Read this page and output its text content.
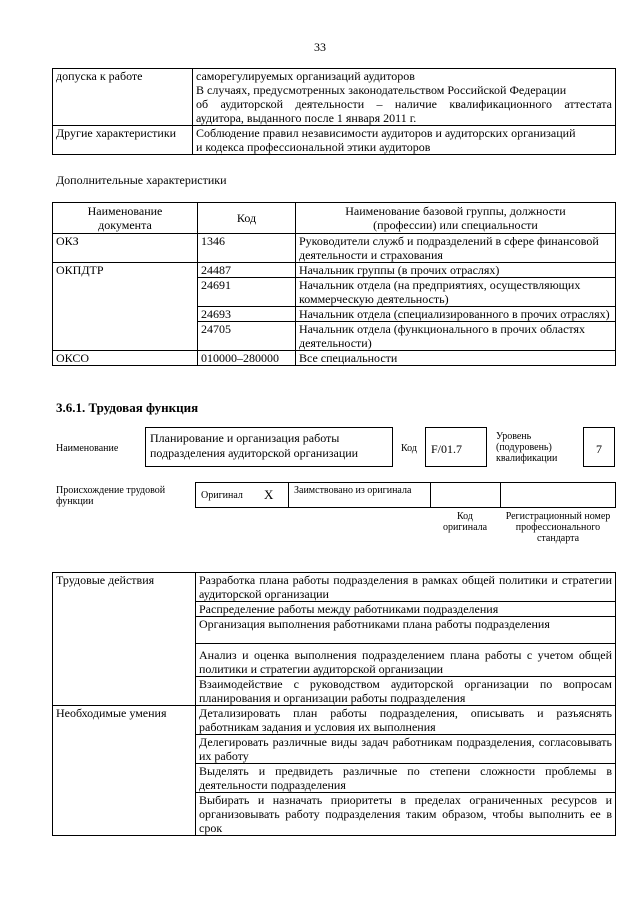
33
допуска к работе	саморегулируемых организаций аудиторов
В случаях, предусмотренных законодательством Российской Федерации
об аудиторской деятельности – наличие квалификационного аттестата
аудитора, выданного после 1 января 2011 г.

Другие характеристики	Соблюдение правил независимости аудиторов и аудиторских организаций
и кодекса профессиональной этики аудиторов
Дополнительные характеристики
Наименование документа	Код	Наименование базовой группы, должности (профессии) или специальности
ОКЗ	1346	Руководители служб и подразделений в сфере финансовой деятельности и страхования
ОКПДТР	24487	Начальник группы (в прочих отраслях)
	24691	Начальник отдела (на предприятиях, осуществляющих коммерческую деятельность)
	24693	Начальник отдела (специализированного в прочих отраслях)
	24705	Начальник отдела (функционального в прочих областях деятельности)
ОКСО	010000–280000	Все специальности
3.6.1. Трудовая функция
Наименование
Планирование и организация работы подразделения аудиторской организации	Код	F/01.7
Уровень (подуровень) квалификации
7
Происхождение трудовой функции
Оригинал X Заимствовано из оригинала
Код оригинала
Регистрационный номер профессионального стандарта
Трудовые действия	Разработка плана работы подразделения в рамках общей политики и стратегии аудиторской организации
	Распределение работы между работниками подразделения
	Организация выполнения работниками плана работы подразделения
	Анализ и оценка выполнения подразделением плана работы с учетом общей политики и стратегии аудиторской организации
	Взаимодействие с руководством аудиторской организации по вопросам планирования и организации работы подразделения
Необходимые умения	Детализировать план работы подразделения, описывать и разъяснять работникам задания и условия их выполнения
	Делегировать различные виды задач работникам подразделения, согласовывать их работу
	Выделять и предвидеть различные по степени сложности проблемы в деятельности подразделения
	Выбирать и назначать приоритеты в пределах ограниченных ресурсов и организовывать работу подразделения таким образом, чтобы выполнить ее в срок
